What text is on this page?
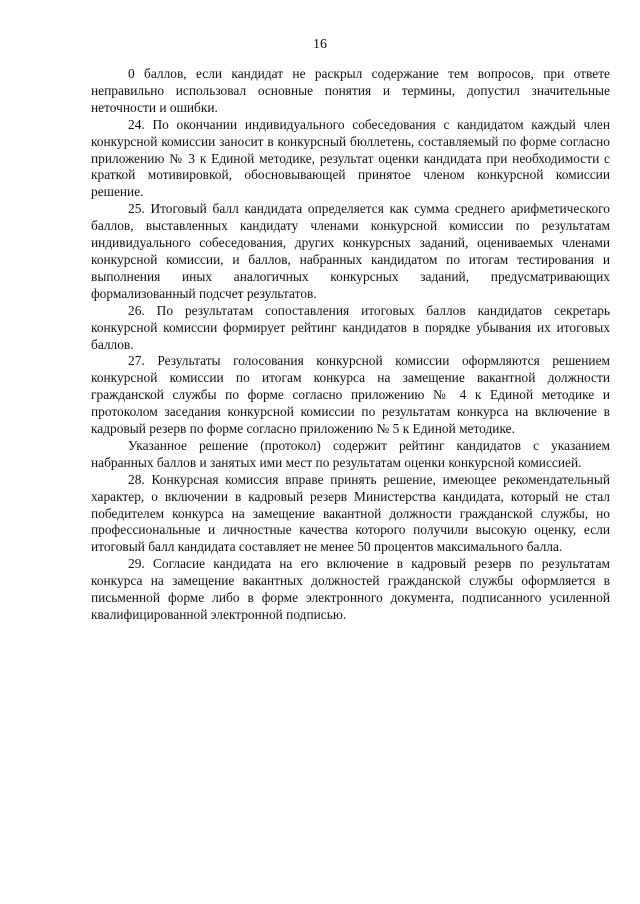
16

0 баллов, если кандидат не раскрыл содержание тем вопросов, при ответе неправильно использовал основные понятия и термины, допустил значительные неточности и ошибки.

24. По окончании индивидуального собеседования с кандидатом каждый член конкурсной комиссии заносит в конкурсный бюллетень, составляемый по форме согласно приложению № 3 к Единой методике, результат оценки кандидата при необходимости с краткой мотивировкой, обосновывающей принятое членом конкурсной комиссии решение.

25. Итоговый балл кандидата определяется как сумма среднего арифметического баллов, выставленных кандидату членами конкурсной комиссии по результатам индивидуального собеседования, других конкурсных заданий, оцениваемых членами конкурсной комиссии, и баллов, набранных кандидатом по итогам тестирования и выполнения иных аналогичных конкурсных заданий, предусматривающих формализованный подсчет результатов.

26. По результатам сопоставления итоговых баллов кандидатов секретарь конкурсной комиссии формирует рейтинг кандидатов в порядке убывания их итоговых баллов.

27. Результаты голосования конкурсной комиссии оформляются решением конкурсной комиссии по итогам конкурса на замещение вакантной должности гражданской службы по форме согласно приложению № 4 к Единой методике и протоколом заседания конкурсной комиссии по результатам конкурса на включение в кадровый резерв по форме согласно приложению № 5 к Единой методике.

Указанное решение (протокол) содержит рейтинг кандидатов с указанием набранных баллов и занятых ими мест по результатам оценки конкурсной комиссией.

28. Конкурсная комиссия вправе принять решение, имеющее рекомендательный характер, о включении в кадровый резерв Министерства кандидата, который не стал победителем конкурса на замещение вакантной должности гражданской службы, но профессиональные и личностные качества которого получили высокую оценку, если итоговый балл кандидата составляет не менее 50 процентов максимального балла.

29. Согласие кандидата на его включение в кадровый резерв по результатам конкурса на замещение вакантных должностей гражданской службы оформляется в письменной форме либо в форме электронного документа, подписанного усиленной квалифицированной электронной подписью.
